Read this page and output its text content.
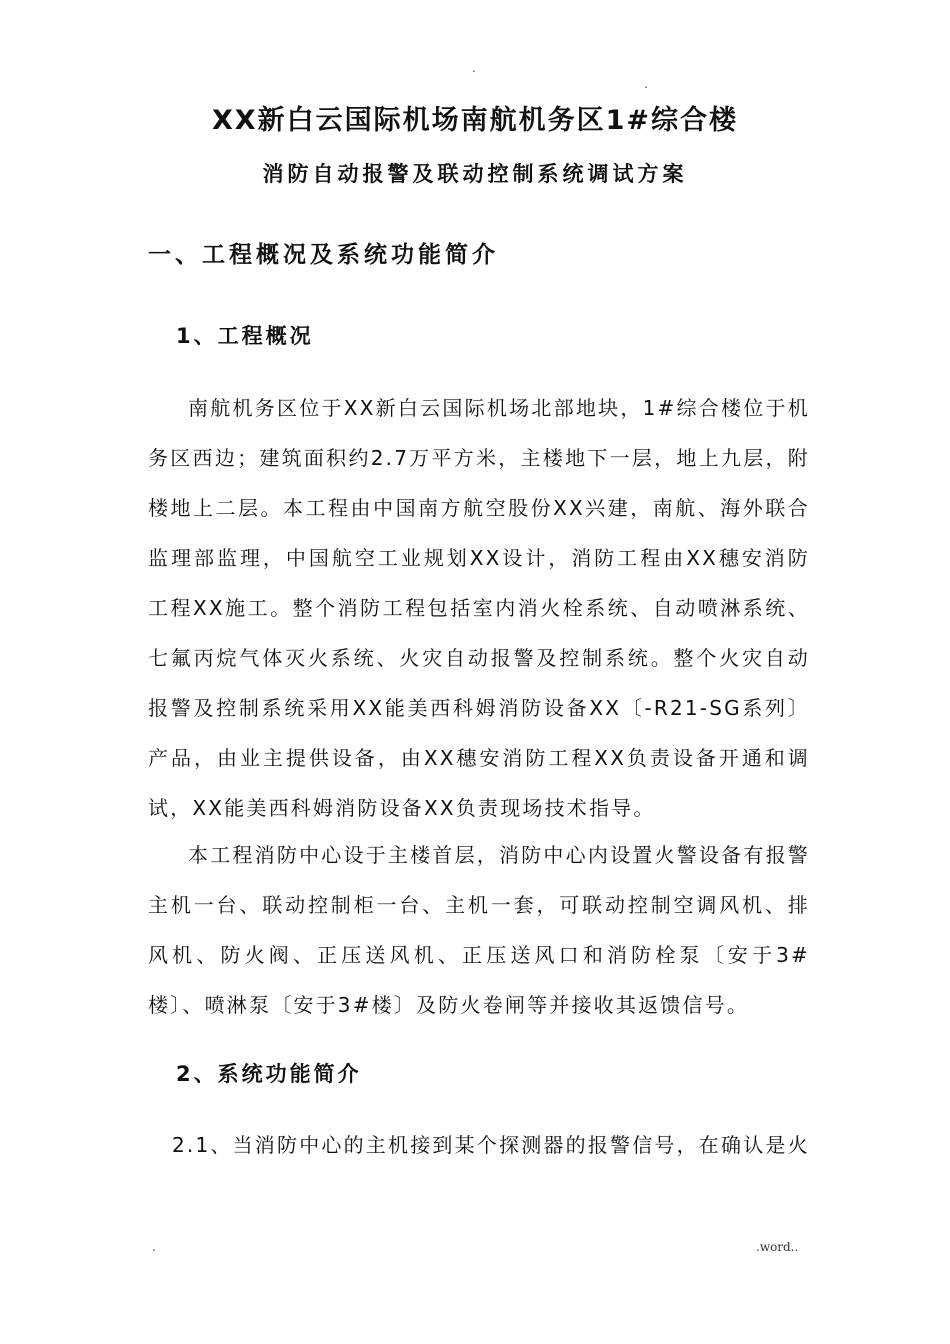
.
.
XX新白云国际机场南航机务区1#综合楼
消防自动报警及联动控制系统调试方案
一、工程概况及系统功能简介
1、工程概况

南航机务区位于XX新白云国际机场北部地块，1#综合楼位于机务区西边；建筑面积约2.7万平方米，主楼地下一层，地上九层，附楼地上二层。本工程由中国南方航空股份XX兴建，南航、海外联合监理部监理，中国航空工业规划XX设计，消防工程由XX穗安消防工程XX施工。整个消防工程包括室内消火栓系统、自动喷淋系统、七氟丙烷气体灭火系统、火灾自动报警及控制系统。整个火灾自动报警及控制系统采用XX能美西科姆消防设备XX〔-R21-SG系列〕产品，由业主提供设备，由XX穗安消防工程XX负责设备开通和调试，XX能美西科姆消防设备XX负责现场技术指导。

本工程消防中心设于主楼首层，消防中心内设置火警设备有报警主机一台、联动控制柜一台、主机一套，可联动控制空调风机、排风机、防火阀、正压送风机、正压送风口和消防栓泵〔安于3#楼〕、喷淋泵〔安于3#楼〕及防火卷闸等并接收其返馈信号。

2、系统功能简介

2.1、当消防中心的主机接到某个探测器的报警信号，在确认是火

.	.word..
